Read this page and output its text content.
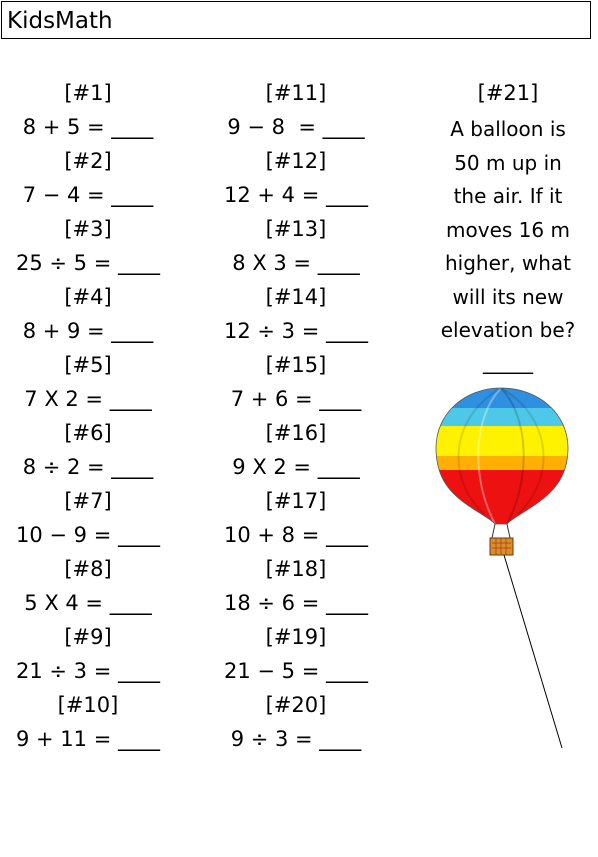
KidsMath
[#1]
8 + 5 = ____
[#2]
7 − 4 = ____
[#3]
25 ÷ 5 = ____
[#4]
8 + 9 = ____
[#5]
7 X 2 = ____
[#6]
8 ÷ 2 = ____
[#7]
10 − 9 = ____
[#8]
5 X 4 = ____
[#9]
21 ÷ 3 = ____
[#10]
9 + 11 = ____
[#11]
9 − 8  = ____
[#12]
12 + 4 = ____
[#13]
8 X 3 = ____
[#14]
12 ÷ 3 = ____
[#15]
7 + 6 = ____
[#16]
9 X 2 = ____
[#17]
10 + 8 = ____
[#18]
18 ÷ 6 = ____
[#19]
21 − 5 = ____
[#20]
9 ÷ 3 = ____
[#21]
A balloon is
50 m up in
the air. If it
moves 16 m
higher, what
will its new
elevation be?
_____
